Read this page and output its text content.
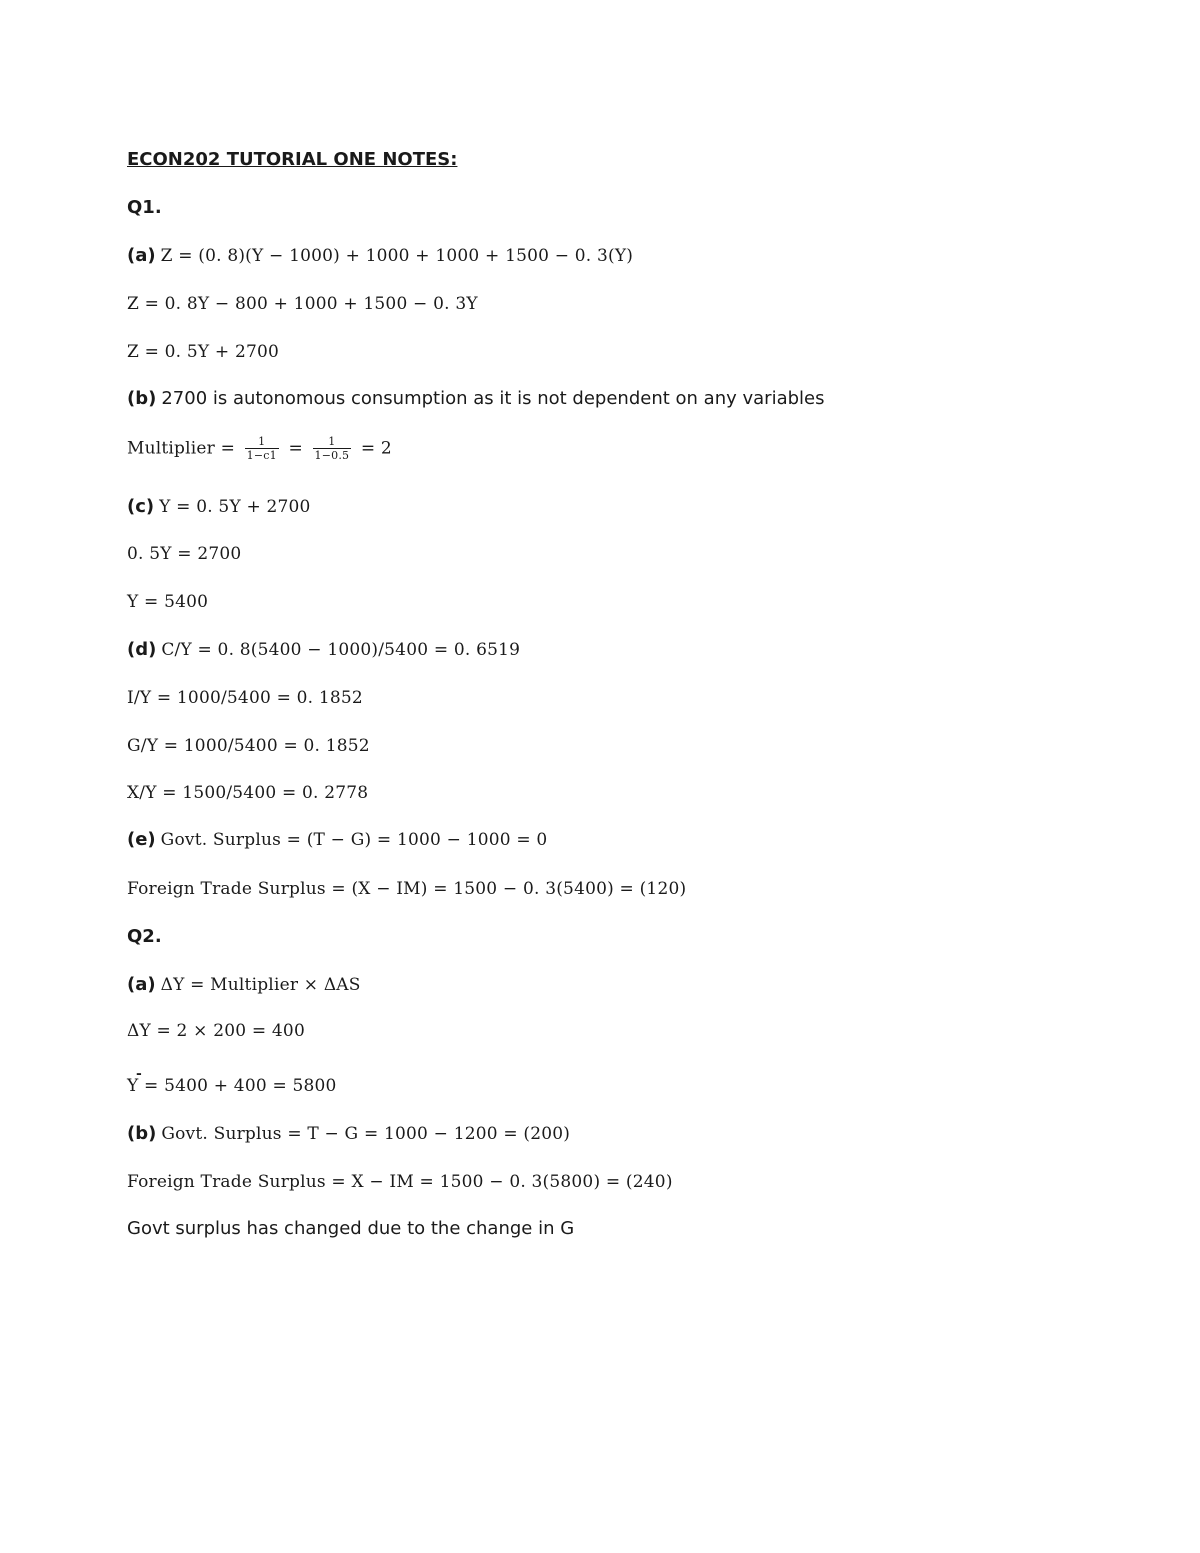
ECON202 TUTORIAL ONE NOTES:
Q1.
(a) Z = (0. 8)(Y − 1000) + 1000 + 1000 + 1500 − 0. 3(Y)
Z = 0. 8Y − 800 + 1000 + 1500 − 0. 3Y
Z = 0. 5Y + 2700
(b) 2700 is autonomous consumption as it is not dependent on any variables
Multiplier = $\frac{1}{1-c1} = \frac{1}{1-0.5} = 2$
(c) Y = 0. 5Y + 2700
0. 5Y = 2700
Y = 5400
(d) C/Y = 0. 8(5400 − 1000)/5400 = 0. 6519
I/Y = 1000/5400 = 0. 1852
G/Y = 1000/5400 = 0. 1852
X/Y = 1500/5400 = 0. 2778
(e) Govt. Surplus = (T − G) = 1000 − 1000 = 0
Foreign Trade Surplus = (X − IM) = 1500 − 0. 3(5400) = (120)
Q2.
(a) ΔY = Multiplier × ΔAS
ΔY = 2 × 200 = 400
Y
-
= 5400 + 400 = 5800
(b) Govt. Surplus = T − G = 1000 − 1200 = (200)
Foreign Trade Surplus = X − IM = 1500 − 0. 3(5800) = (240)
Govt surplus has changed due to the change in G
